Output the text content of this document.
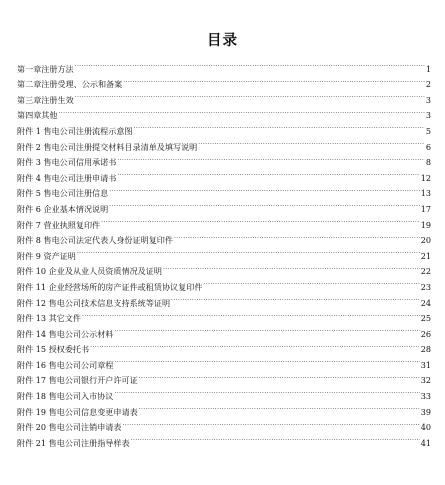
目录
第一章注册方法 .....	1
第二章注册受理、公示和备案 .....	2
第三章注册生效 .....	3
第四章其他 .....	3
附件 1 售电公司注册流程示意图 .....	5
附件 2 售电公司注册提交材料目录清单及填写说明 .....	6
附件 3 售电公司信用承诺书 .....	8
附件 4 售电公司注册申请书 .....	12
附件 5 售电公司注册信息 .....	13
附件 6 企业基本情况说明 .....	17
附件 7 营业执照复印件 .....	19
附件 8 售电公司法定代表人身份证明复印件 .....	20
附件 9 资产证明 .....	21
附件 10 企业及从业人员资质情况及证明 .....	22
附件 11 企业经营场所的房产证件或租赁协议复印件 .....	23
附件 12 售电公司技术信息支持系统等证明 .....	24
附件 13 其它文件 .....	25
附件 14 售电公司公示材料 .....	26
附件 15 授权委托书 .....	28
附件 16 售电公司公司章程 .....	31
附件 17 售电公司银行开户许可证 .....	32
附件 18 售电公司入市协议 .....	33
附件 19 售电公司信息变更申请表 .....	39
附件 20 售电公司注销申请表 .....	40
附件 21 售电公司注册指导样表 .....	41
